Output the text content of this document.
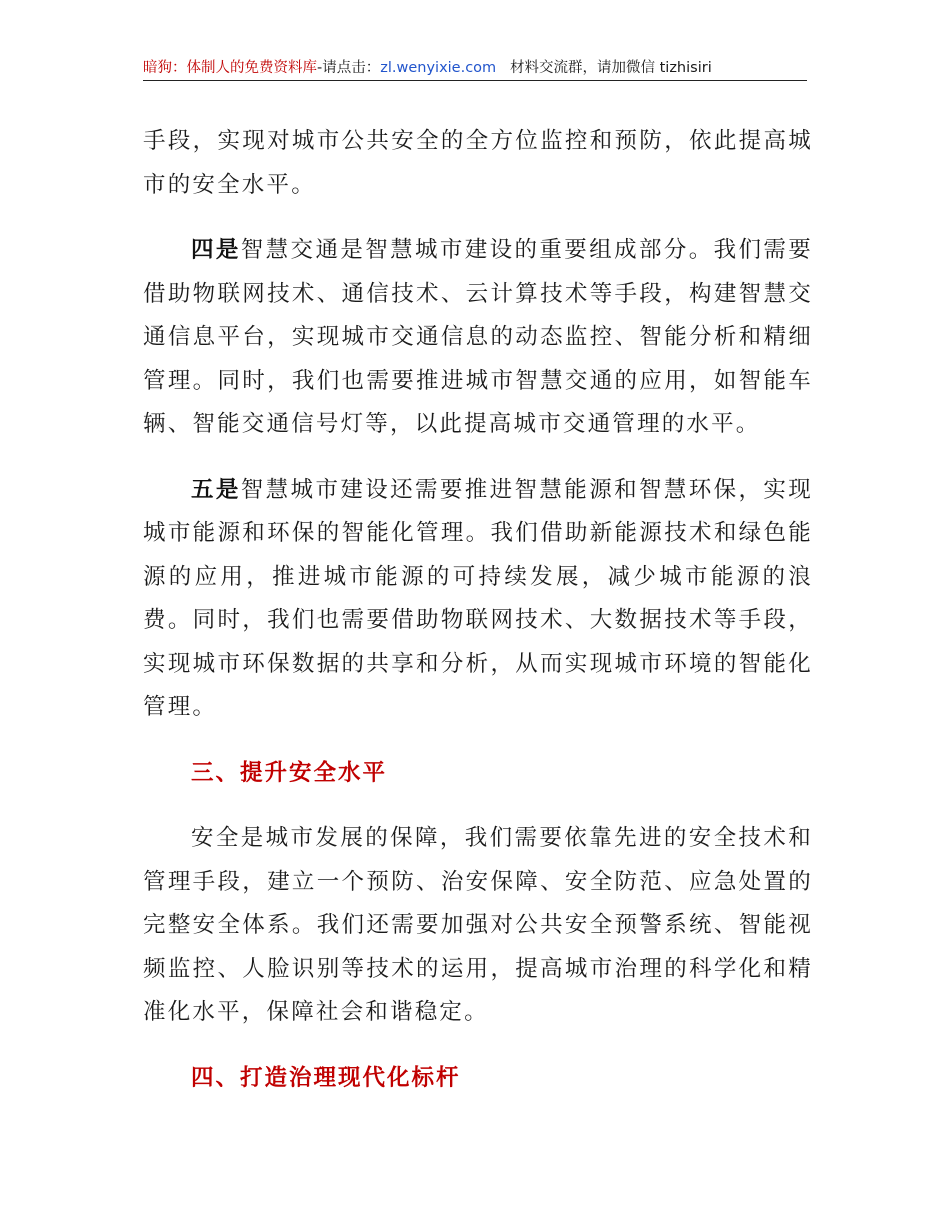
暗狗：体制人的免费资料库-请点击：zl.wenyixie.com 材料交流群，请加微信 tizhisiri

手段，实现对城市公共安全的全方位监控和预防，依此提高城市的安全水平。

四是智慧交通是智慧城市建设的重要组成部分。我们需要借助物联网技术、通信技术、云计算技术等手段，构建智慧交通信息平台，实现城市交通信息的动态监控、智能分析和精细管理。同时，我们也需要推进城市智慧交通的应用，如智能车辆、智能交通信号灯等，以此提高城市交通管理的水平。

五是智慧城市建设还需要推进智慧能源和智慧环保，实现城市能源和环保的智能化管理。我们借助新能源技术和绿色能源的应用，推进城市能源的可持续发展，减少城市能源的浪费。同时，我们也需要借助物联网技术、大数据技术等手段，实现城市环保数据的共享和分析，从而实现城市环境的智能化管理。

三、提升安全水平

安全是城市发展的保障，我们需要依靠先进的安全技术和管理手段，建立一个预防、治安保障、安全防范、应急处置的完整安全体系。我们还需要加强对公共安全预警系统、智能视频监控、人脸识别等技术的运用，提高城市治理的科学化和精准化水平，保障社会和谐稳定。

四、打造治理现代化标杆
